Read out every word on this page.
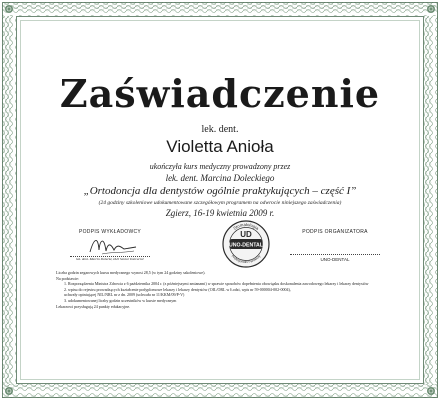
Zaświadczenie
lek. dent.
Violetta Anioła
ukończyła kurs medyczny prowadzony przez
lek. dent. Marcina Doleckiego
„Ortodoncja dla dentystów ogólnie praktykujących – część I”
(24 godziny szkoleniowe udokumentowane szczegółowym programem na odwrocie niniejszego zaświadczenia)
Zgierz, 16-19 kwietnia 2009 r.
PODPIS WYKŁADOWCY
lek. dent. Marcin Dolecki, IAO Senior Instructor
Stomatologia
Profesjonalni Partnerzy
UNO-DENTAL
UD	PODPIS ORGANIZATORA
UNO-DENTAL

Liczba godzin zegarowych kursu medycznego wynosi 28,5 (w tym 24 godziny szkoleniowe).

Na podstawie:

1. Rozporządzenia Ministra Zdrowia z 6 października 2004 r. (z późniejszymi zmianami) w sprawie sposobów dopełnienia obowiązku doskonalenia zawodowego lekarzy i lekarzy dentystów

2. wpisu do rejestru prowadzących kształcenie podyplomowe lekarzy i lekarzy dentystów (OIL/ORL w Łodzi, wpis nr 59-000004-002-0004),

uchwały opiniującej NIL/NRL nr z dn. 2009 (uchwała nr 11/KKM/09/P-V)

3. udokumentowanej liczby godzin uczestników w kursie medycznym

Lekarzowi przysługują 24 punkty edukacyjne.
